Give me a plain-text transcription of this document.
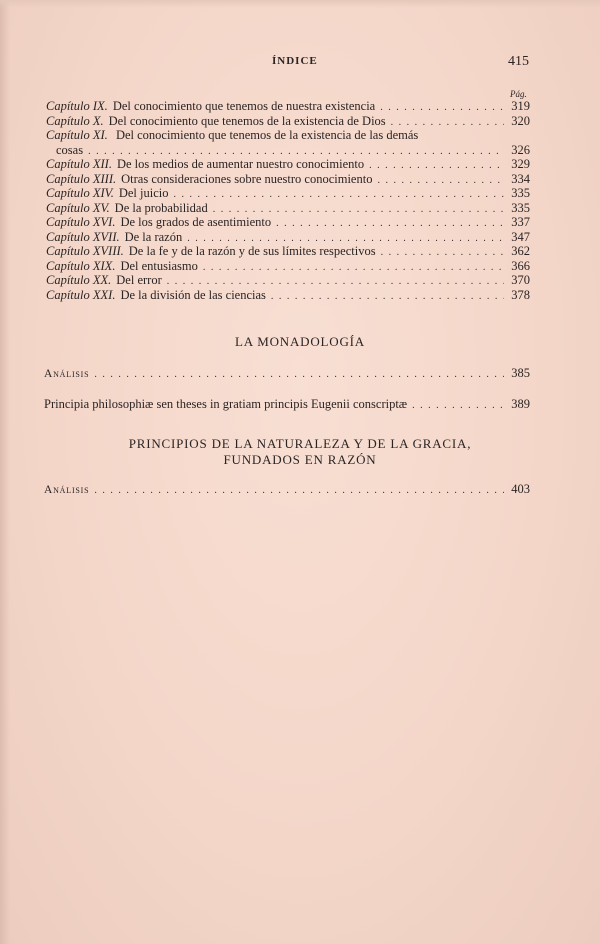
ÍNDICE	415
Pág.
Capítulo IX. Del conocimiento que tenemos de nuestra existencia . . .	319
Capítulo X. Del conocimiento que tenemos de la existencia de Dios . . .	320
Capítulo XI. Del conocimiento que tenemos de la existencia de las demás
cosas . . .	326
Capítulo XII. De los medios de aumentar nuestro conocimiento . . .	329
Capítulo XIII. Otras consideraciones sobre nuestro conocimiento . . .	334
Capítulo XIV. Del juicio . . .	335
Capítulo XV. De la probabilidad . . .	335
Capítulo XVI. De los grados de asentimiento . . .	337
Capítulo XVII. De la razón . . .	347
Capítulo XVIII. De la fe y de la razón y de sus límites respectivos . . .	362
Capítulo XIX. Del entusiasmo . . .	366
Capítulo XX. Del error . . .	370
Capítulo XXI. De la división de las ciencias . . .	378
LA MONADOLOGÍA
Análisis . . .	385
Principia philosophiæ sen theses in gratiam principis Eugenii conscriptæ . . .	389
PRINCIPIOS DE LA NATURALEZA Y DE LA GRACIA,
FUNDADOS EN RAZÓN
Análisis . . .	403
